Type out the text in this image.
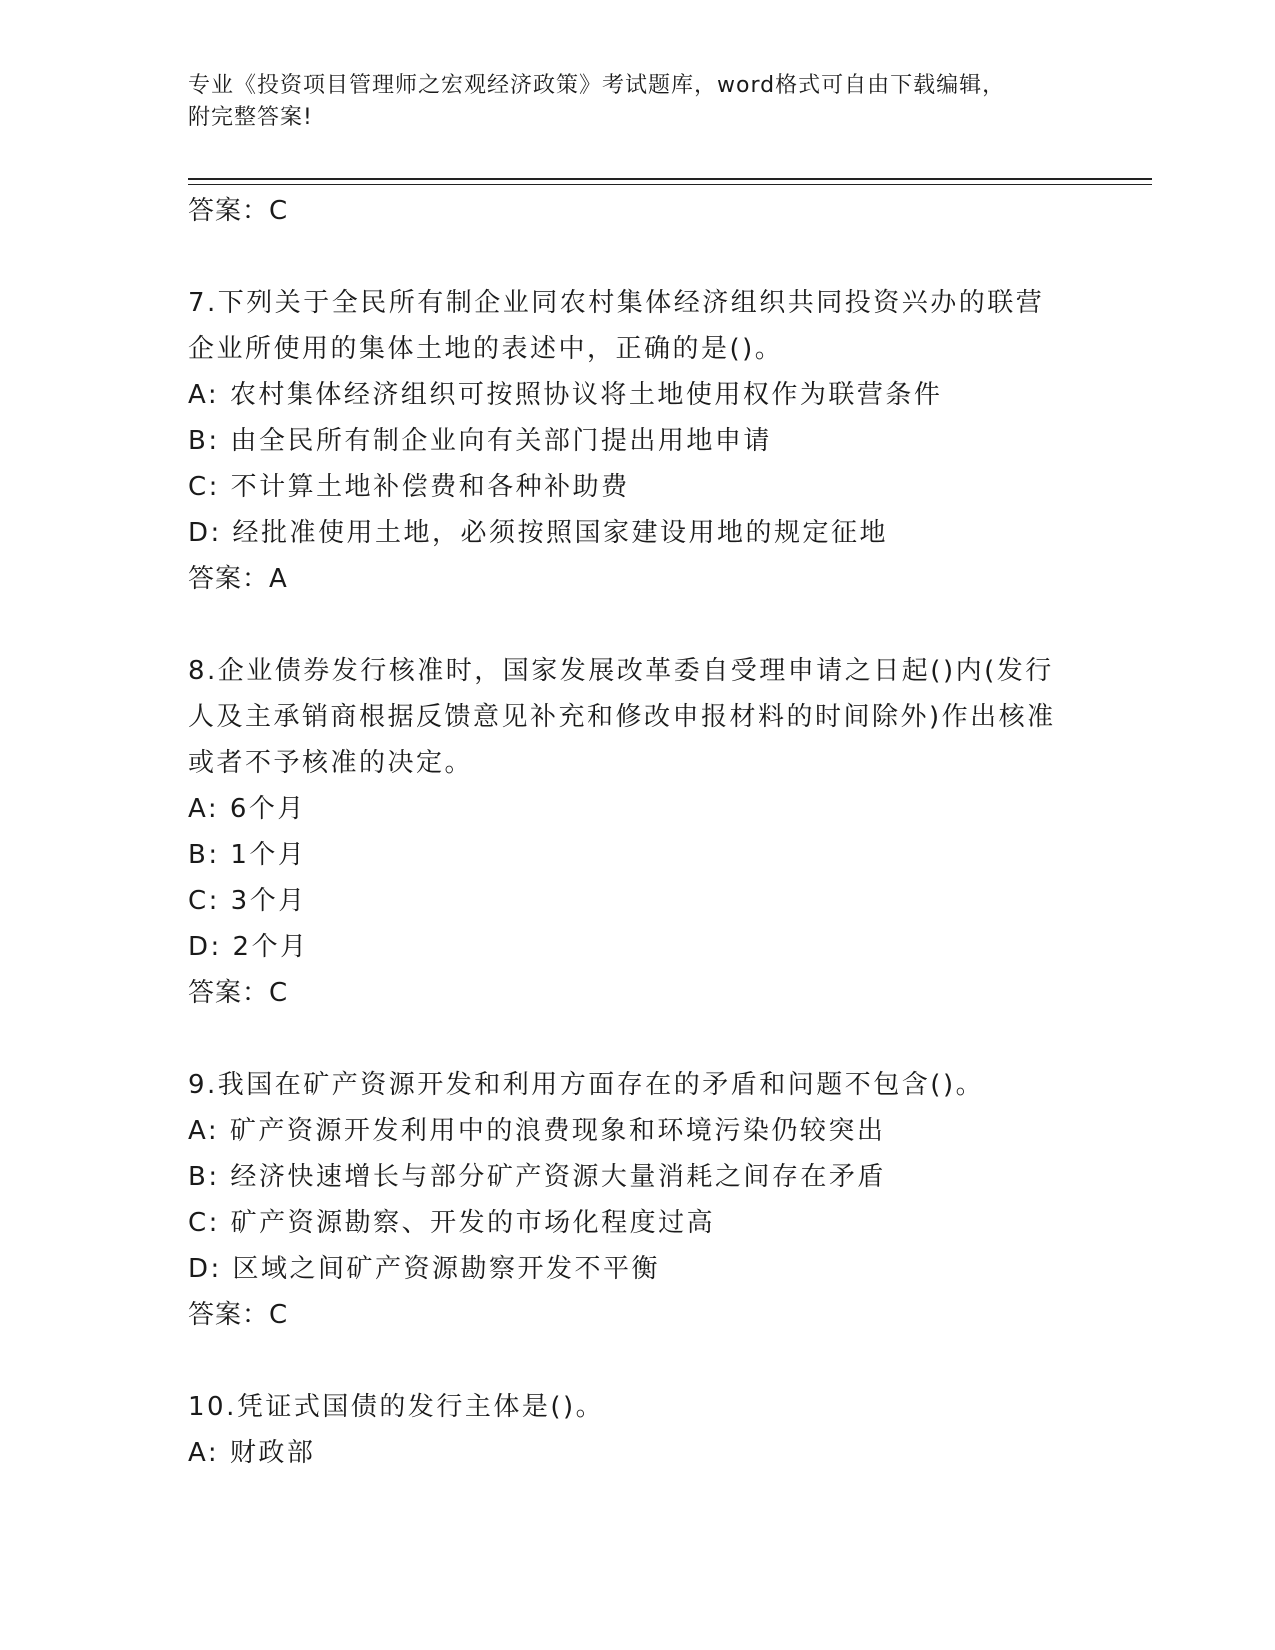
专业《投资项目管理师之宏观经济政策》考试题库，word格式可自由下载编辑，
附完整答案!
答案：C
7.下列关于全民所有制企业同农村集体经济组织共同投资兴办的联营
企业所使用的集体土地的表述中，正确的是()。
A: 农村集体经济组织可按照协议将土地使用权作为联营条件
B: 由全民所有制企业向有关部门提出用地申请
C: 不计算土地补偿费和各种补助费
D: 经批准使用土地，必须按照国家建设用地的规定征地
答案：A
8.企业债券发行核准时，国家发展改革委自受理申请之日起()内(发行
人及主承销商根据反馈意见补充和修改申报材料的时间除外)作出核准
或者不予核准的决定。
A: 6个月
B: 1个月
C: 3个月
D: 2个月
答案：C
9.我国在矿产资源开发和利用方面存在的矛盾和问题不包含()。
A: 矿产资源开发利用中的浪费现象和环境污染仍较突出
B: 经济快速增长与部分矿产资源大量消耗之间存在矛盾
C: 矿产资源勘察、开发的市场化程度过高
D: 区域之间矿产资源勘察开发不平衡
答案：C
10.凭证式国债的发行主体是()。
A: 财政部
